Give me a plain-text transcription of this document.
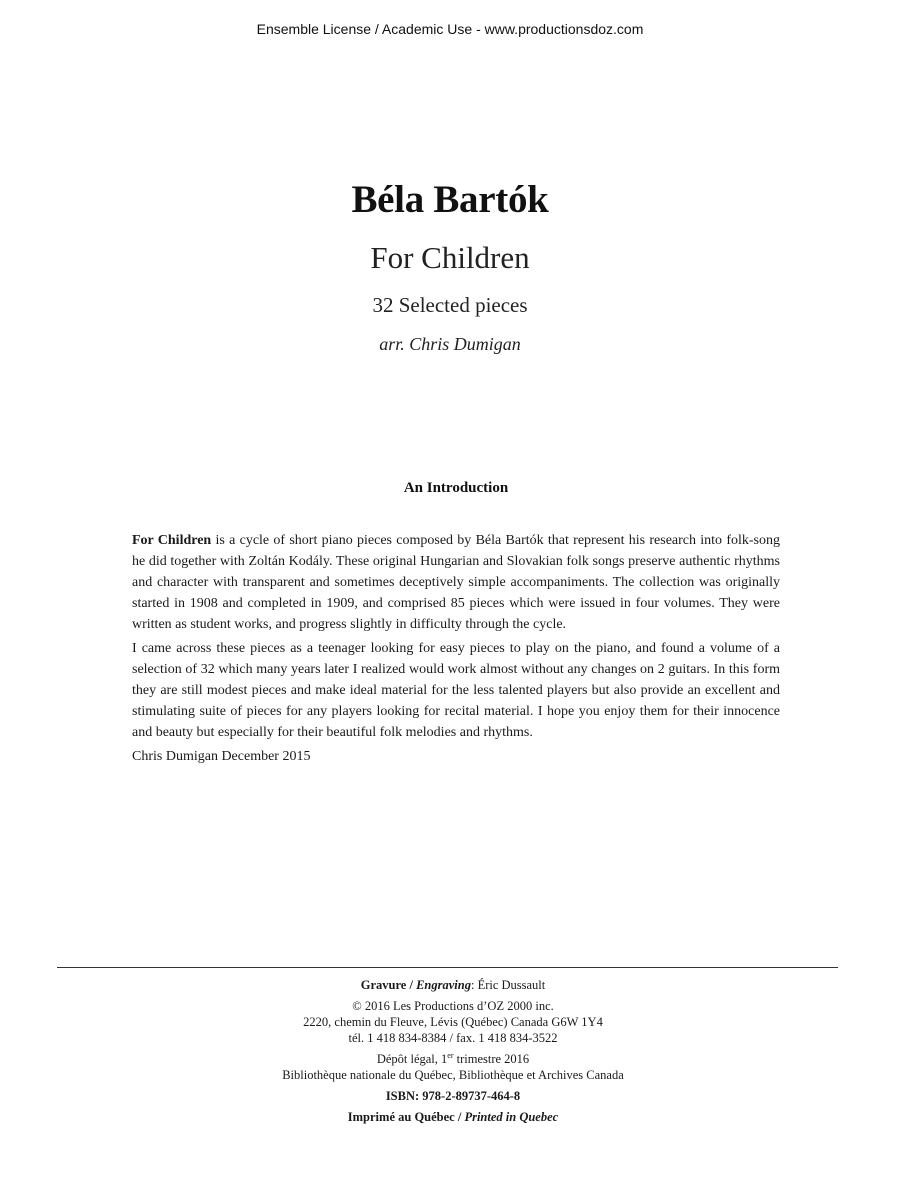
Ensemble License / Academic Use - www.productionsdoz.com
Béla Bartók
For Children
32 Selected pieces
arr. Chris Dumigan
An Introduction

For Children is a cycle of short piano pieces composed by Béla Bartók that represent his research into folk-song he did together with Zoltán Kodály. These original Hungarian and Slovakian folk songs preserve authentic rhythms and character with transparent and sometimes deceptively simple accompaniments. The collection was originally started in 1908 and completed in 1909, and comprised 85 pieces which were issued in four volumes. They were written as student works, and progress slightly in difficulty through the cycle.

I came across these pieces as a teenager looking for easy pieces to play on the piano, and found a volume of a selection of 32 which many years later I realized would work almost without any changes on 2 guitars. In this form they are still modest pieces and make ideal material for the less talented players but also provide an excellent and stimulating suite of pieces for any players looking for recital material. I hope you enjoy them for their innocence and beauty but especially for their beautiful folk melodies and rhythms.

Chris Dumigan December 2015

Gravure / Engraving: Éric Dussault
© 2016 Les Productions d’OZ 2000 inc.
2220, chemin du Fleuve, Lévis (Québec) Canada G6W 1Y4
tél. 1 418 834-8384 / fax. 1 418 834-3522
Dépôt légal, 1er trimestre 2016
Bibliothèque nationale du Québec, Bibliothèque et Archives Canada
ISBN: 978-2-89737-464-8
Imprimé au Québec / Printed in Quebec
